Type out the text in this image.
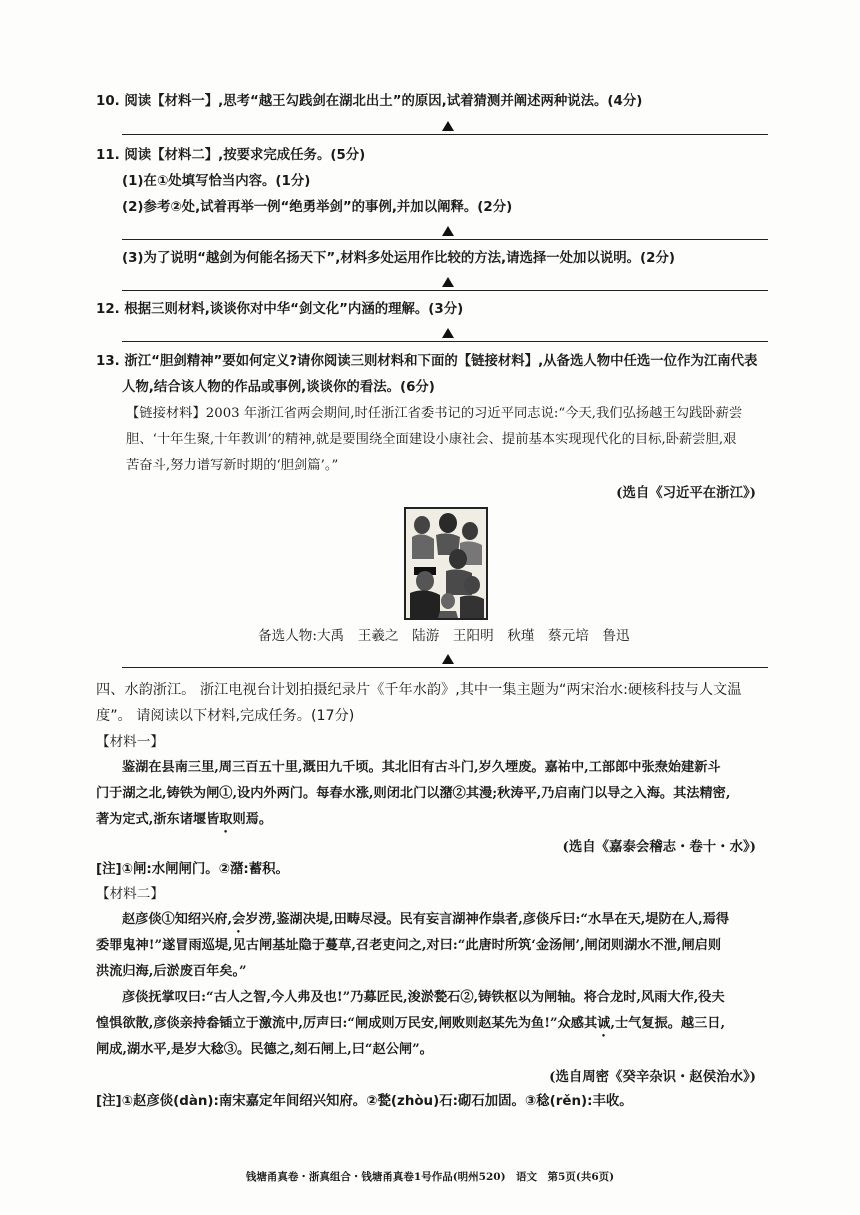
10. 阅读【材料一】,思考“越王勾践剑在湖北出土”的原因,试着猜测并阐述两种说法。(4分)
11. 阅读【材料二】,按要求完成任务。(5分)
(1)在①处填写恰当内容。(1分)
(2)参考②处,试着再举一例“绝勇举剑”的事例,并加以阐释。(2分)
(3)为了说明“越剑为何能名扬天下”,材料多处运用作比较的方法,请选择一处加以说明。(2分)
12. 根据三则材料,谈谈你对中华“剑文化”内涵的理解。(3分)
13. 浙江“胆剑精神”要如何定义?请你阅读三则材料和下面的【链接材料】,从备选人物中任选一位作为江南代表
人物,结合该人物的作品或事例,谈谈你的看法。(6分)
【链接材料】2003 年浙江省两会期间,时任浙江省委书记的习近平同志说:“今天,我们弘扬越王勾践卧薪尝
胆、‘十年生聚,十年教训’的精神,就是要围绕全面建设小康社会、提前基本实现现代化的目标,卧薪尝胆,艰
苦奋斗,努力谱写新时期的‘胆剑篇’。”
(选自《习近平在浙江》)
备选人物:大禹　王羲之　陆游　王阳明　秋瑾　蔡元培　鲁迅
四、水韵浙江。 浙江电视台计划拍摄纪录片《千年水韵》,其中一集主题为“两宋治水:硬核科技与人文温
度”。 请阅读以下材料,完成任务。(17分)
【材料一】
鉴湖在县南三里,周三百五十里,溉田九千顷。其北旧有古斗门,岁久堙废。嘉祐中,工部郎中张焘始建新斗
门于湖之北,铸铁为闸①,设内外两门。每春水涨,则闭北门以潴②其漫;秋涛平,乃启南门以导之入海。其法精密,
著为定式,浙东诸堰皆取则焉。
(选自《嘉泰会稽志・卷十・水》)
[注]①闸:水闸闸门。②潴:蓄积。
【材料二】
赵彦倓①知绍兴府,会岁涝,鉴湖决堤,田畴尽浸。民有妄言湖神作祟者,彦倓斥曰:“水旱在天,堤防在人,焉得
委罪鬼神!”遂冒雨巡堤,见古闸基址隐于蔓草,召老吏问之,对曰:“此唐时所筑‘金汤闸’,闸闭则湖水不泄,闸启则
洪流归海,后淤废百年矣。”
彦倓抚掌叹曰:“古人之智,今人弗及也!”乃募匠民,浚淤甃石②,铸铁枢以为闸轴。将合龙时,风雨大作,役夫
惶惧欲散,彦倓亲持畚锸立于激流中,厉声曰:“闸成则万民安,闸败则赵某先为鱼!”众感其诚,士气复振。越三日,
闸成,湖水平,是岁大稔③。民德之,刻石闸上,曰“赵公闸”。
(选自周密《癸辛杂识・赵侯治水》)
[注]①赵彦倓(dàn):南宋嘉定年间绍兴知府。②甃(zhòu)石:砌石加固。③稔(rěn):丰收。
钱塘甬真卷・浙真组合・钱塘甬真卷1号作品(明州520)　语文　第5页(共6页)
